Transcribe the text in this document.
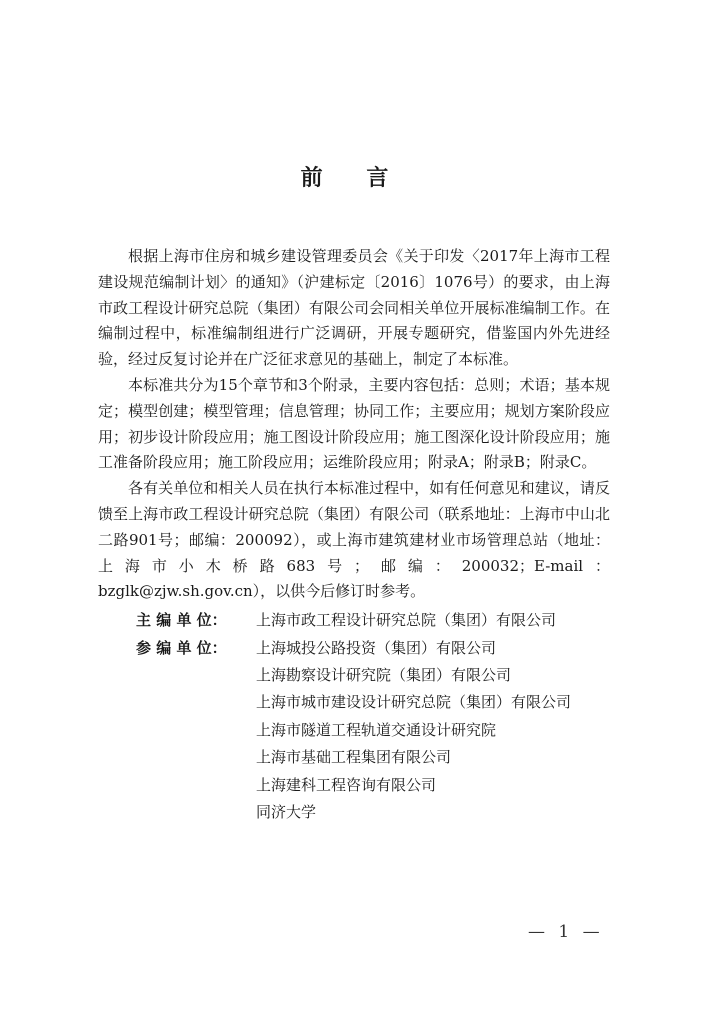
前 言

根据上海市住房和城乡建设管理委员会《关于印发〈2017年上海市工程建设规范编制计划〉的通知》（沪建标定〔2016〕1076号）的要求，由上海市政工程设计研究总院（集团）有限公司会同相关单位开展标准编制工作。在编制过程中，标准编制组进行广泛调研，开展专题研究，借鉴国内外先进经验，经过反复讨论并在广泛征求意见的基础上，制定了本标准。

本标准共分为15个章节和3个附录，主要内容包括：总则；术语；基本规定；模型创建；模型管理；信息管理；协同工作；主要应用；规划方案阶段应用；初步设计阶段应用；施工图设计阶段应用；施工图深化设计阶段应用；施工准备阶段应用；施工阶段应用；运维阶段应用；附录A；附录B；附录C。

各有关单位和相关人员在执行本标准过程中，如有任何意见和建议，请反馈至上海市政工程设计研究总院（集团）有限公司（联系地址：上海市中山北二路901号；邮编：200092），或上海市建筑建材业市场管理总站（地址：上海市小木桥路683号；邮编：200032；E-mail：bzglk@zjw.sh.gov.cn），以供今后修订时参考。

主 编 单 位：	上海市政工程设计研究总院（集团）有限公司
参 编 单 位：	上海城投公路投资（集团）有限公司
上海勘察设计研究院（集团）有限公司
上海市城市建设设计研究总院（集团）有限公司
上海市隧道工程轨道交通设计研究院
上海市基础工程集团有限公司
上海建科工程咨询有限公司
同济大学
— 1 —
